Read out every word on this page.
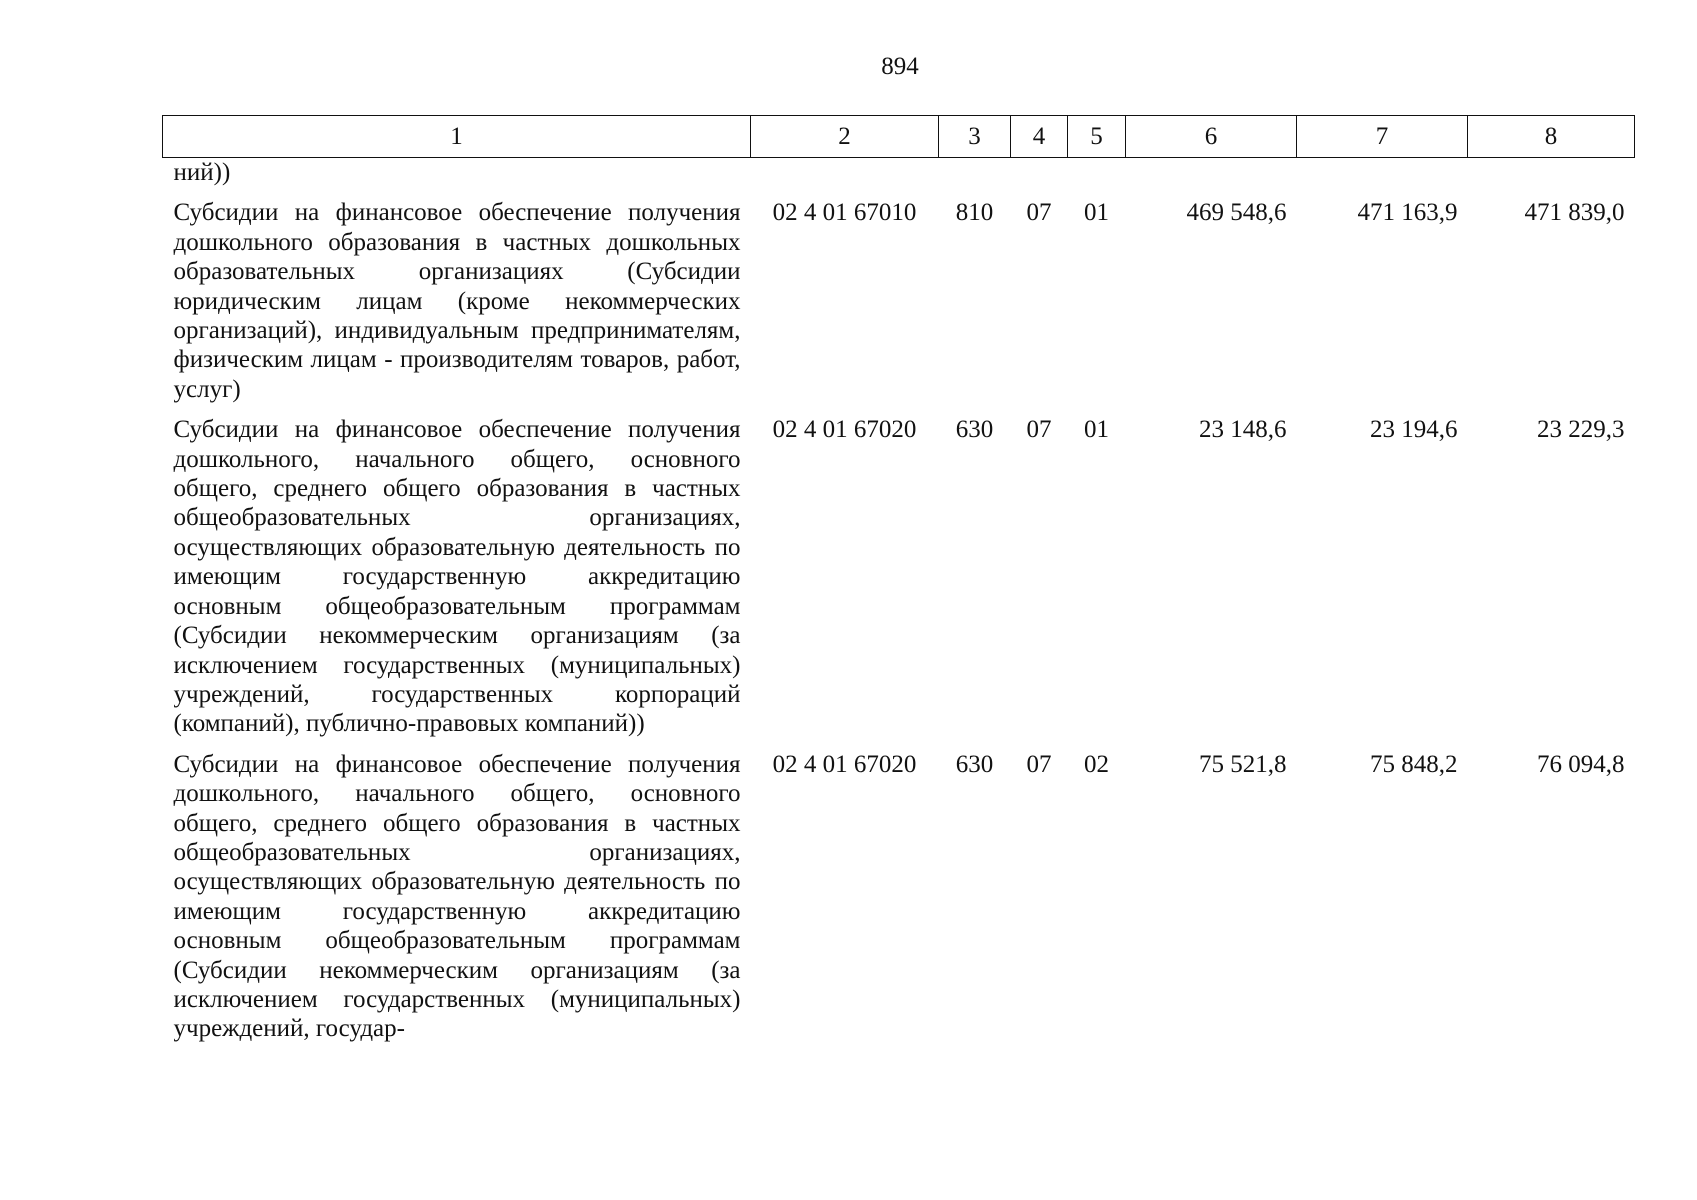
894
1	2	3	4	5	6	7	8
ний))							
Субсидии на финансовое обеспечение получения дошкольного образования в частных дошкольных образовательных организациях (Субсидии юридическим лицам (кроме некоммерческих организаций), индивидуальным предпринимателям, физическим лицам - производителям товаров, работ, услуг)	02 4 01 67010	810	07	01	469 548,6	471 163,9	471 839,0
Субсидии на финансовое обеспечение получения дошкольного, начального общего, основного общего, среднего общего образования в частных общеобразовательных организациях, осуществляющих образовательную деятельность по имеющим государственную аккредитацию основным общеобразовательным программам (Субсидии некоммерческим организациям (за исключением государственных (муниципальных) учреждений, государственных корпораций (компаний), публично-правовых компаний))	02 4 01 67020	630	07	01	23 148,6	23 194,6	23 229,3
Субсидии на финансовое обеспечение получения дошкольного, начального общего, основного общего, среднего общего образования в частных общеобразовательных организациях, осуществляющих образовательную деятельность по имеющим государственную аккредитацию основным общеобразовательным программам (Субсидии некоммерческим организациям (за исключением государственных (муниципальных) учреждений, государ-	02 4 01 67020	630	07	02	75 521,8	75 848,2	76 094,8
